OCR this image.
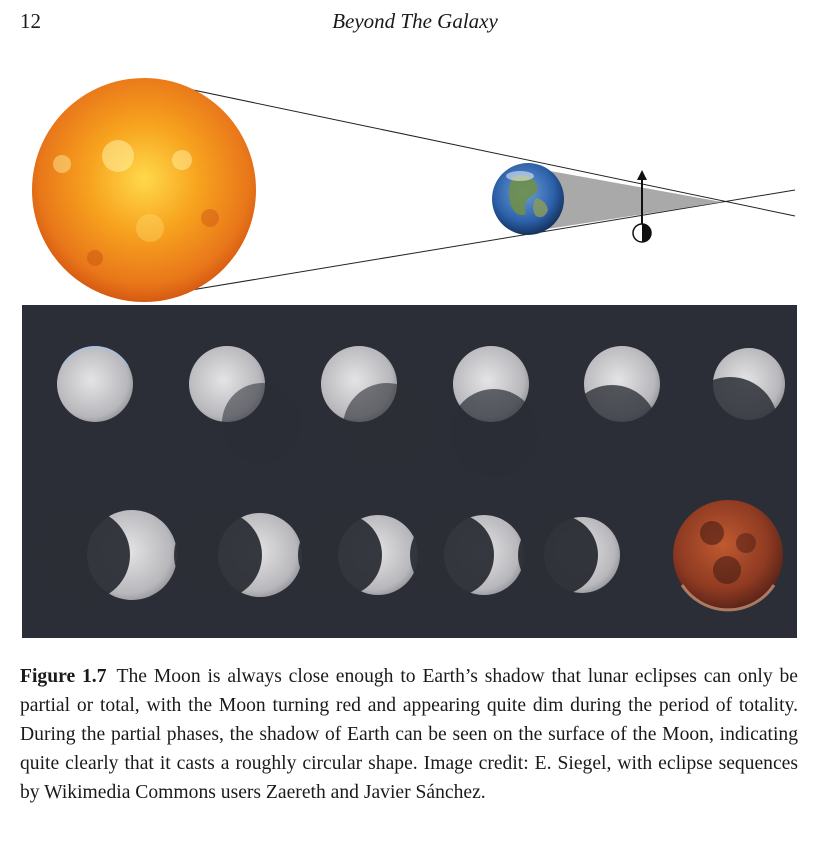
12	Beyond The Galaxy
Figure 1.7 The Moon is always close enough to Earth’s shadow that lunar eclipses can only be partial or total, with the Moon turning red and appearing quite dim during the period of totality. During the partial phases, the shadow of Earth can be seen on the surface of the Moon, indicating quite clearly that it casts a roughly circular shape. Image credit: E. Siegel, with eclipse sequences by Wikimedia Commons users Zaereth and Javier Sánchez.
